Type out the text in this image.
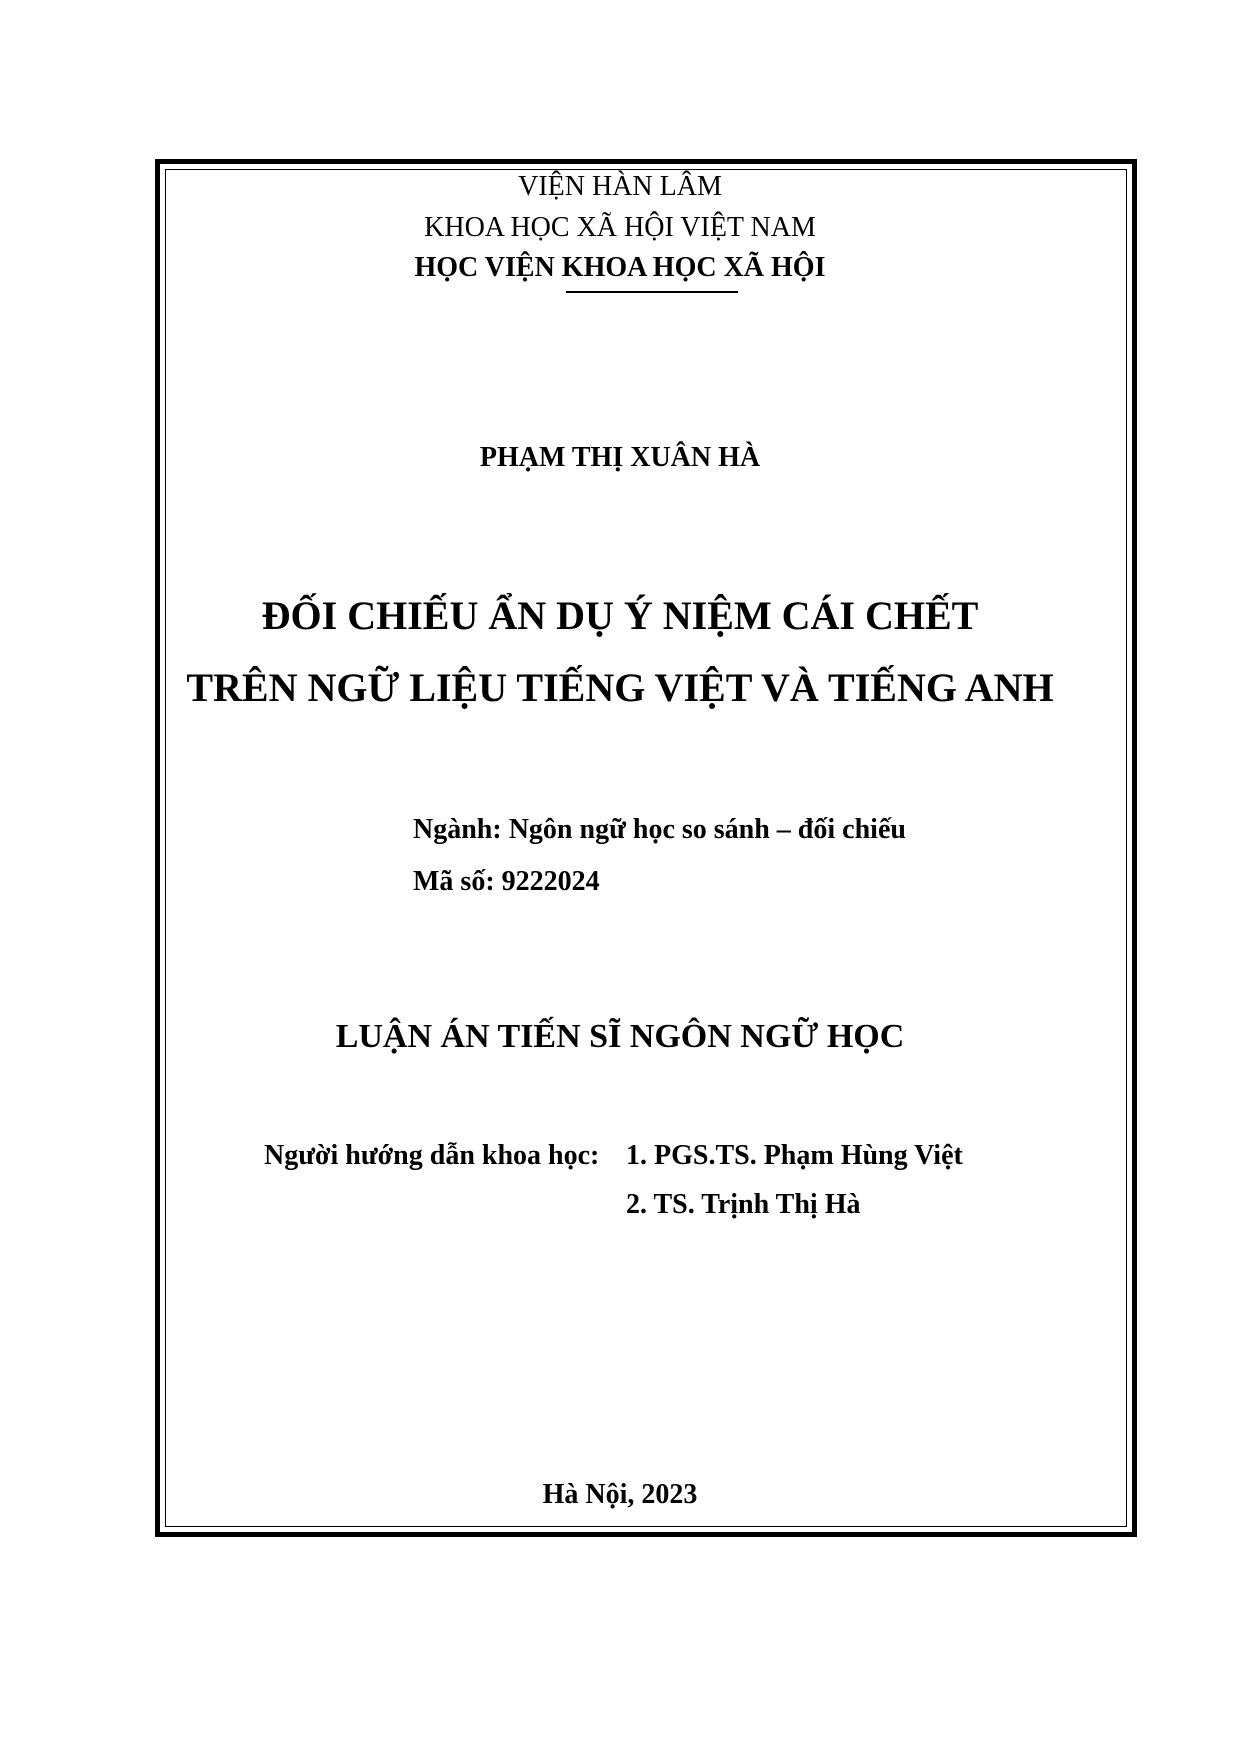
VIỆN HÀN LÂM
KHOA HỌC XÃ HỘI VIỆT NAM
HỌC VIỆN KHOA HỌC XÃ HỘI
PHẠM THỊ XUÂN HÀ
ĐỐI CHIẾU ẨN DỤ Ý NIỆM CÁI CHẾT
TRÊN NGỮ LIỆU TIẾNG VIỆT VÀ TIẾNG ANH
Ngành: Ngôn ngữ học so sánh – đối chiếu
Mã số: 9222024
LUẬN ÁN TIẾN SĨ NGÔN NGỮ HỌC
Người hướng dẫn khoa học: 1. PGS.TS. Phạm Hùng Việt
2. TS. Trịnh Thị Hà
Hà Nội, 2023
